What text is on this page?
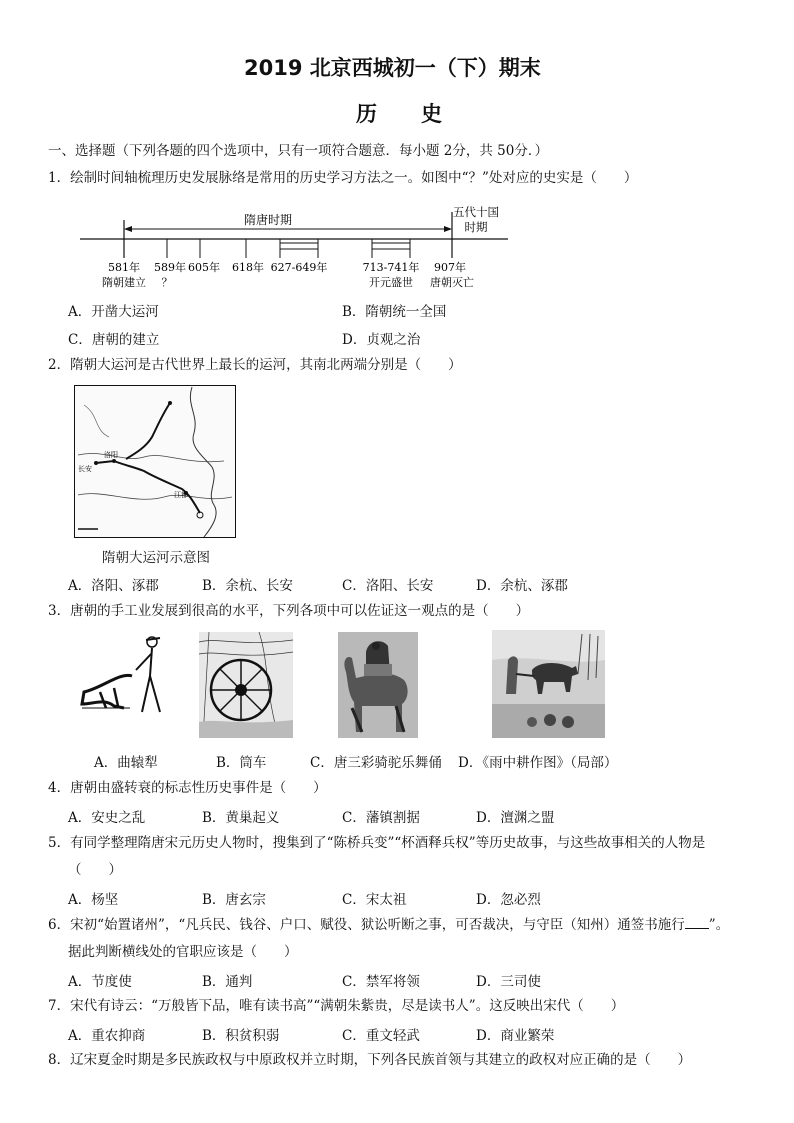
2019 北京西城初一（下）期末
历史
一、选择题（下列各题的四个选项中，只有一项符合题意．每小题 2分，共 50分．）
1．绘制时间轴梳理历史发展脉络是常用的历史学习方法之一。如图中“？”处对应的史实是（　　）
隋唐时期
五代十国
时期
581年 589年 605年 618年 627-649年	713-741年 907年
隋朝建立 ？	开元盛世 唐朝灭亡
A．开凿大运河	B．隋朝统一全国
C．唐朝的建立	D．贞观之治
2．隋朝大运河是古代世界上最长的运河，其南北两端分别是（　　）
洛阳
长安
江都
隋朝大运河示意图
A．洛阳、涿郡	B．余杭、长安	C．洛阳、长安	D．余杭、涿郡
3．唐朝的手工业发展到很高的水平，下列各项中可以佐证这一观点的是（　　）
A．曲辕犁	B．筒车	C．唐三彩骑驼乐舞俑 D．《雨中耕作图》（局部）
4．唐朝由盛转衰的标志性历史事件是（　　）
A．安史之乱	B．黄巢起义	C．藩镇割据	D．澶渊之盟
5．有同学整理隋唐宋元历史人物时，搜集到了“陈桥兵变”“杯酒释兵权”等历史故事，与这些故事相关的人物是
（　　）
A．杨坚	B．唐玄宗	C．宋太祖	D．忽必烈
6．宋初“始置诸州”，“凡兵民、钱谷、户口、赋役、狱讼听断之事，可否裁决，与守臣（知州）通签书施行 ”。
据此判断横线处的官职应该是（　　）
A．节度使	B．通判	C．禁军将领	D．三司使
7．宋代有诗云：“万般皆下品，唯有读书高”“满朝朱紫贵，尽是读书人”。这反映出宋代（　　）
A．重农抑商	B．积贫积弱	C．重文轻武	D．商业繁荣
8．辽宋夏金时期是多民族政权与中原政权并立时期，下列各民族首领与其建立的政权对应正确的是（　　）
